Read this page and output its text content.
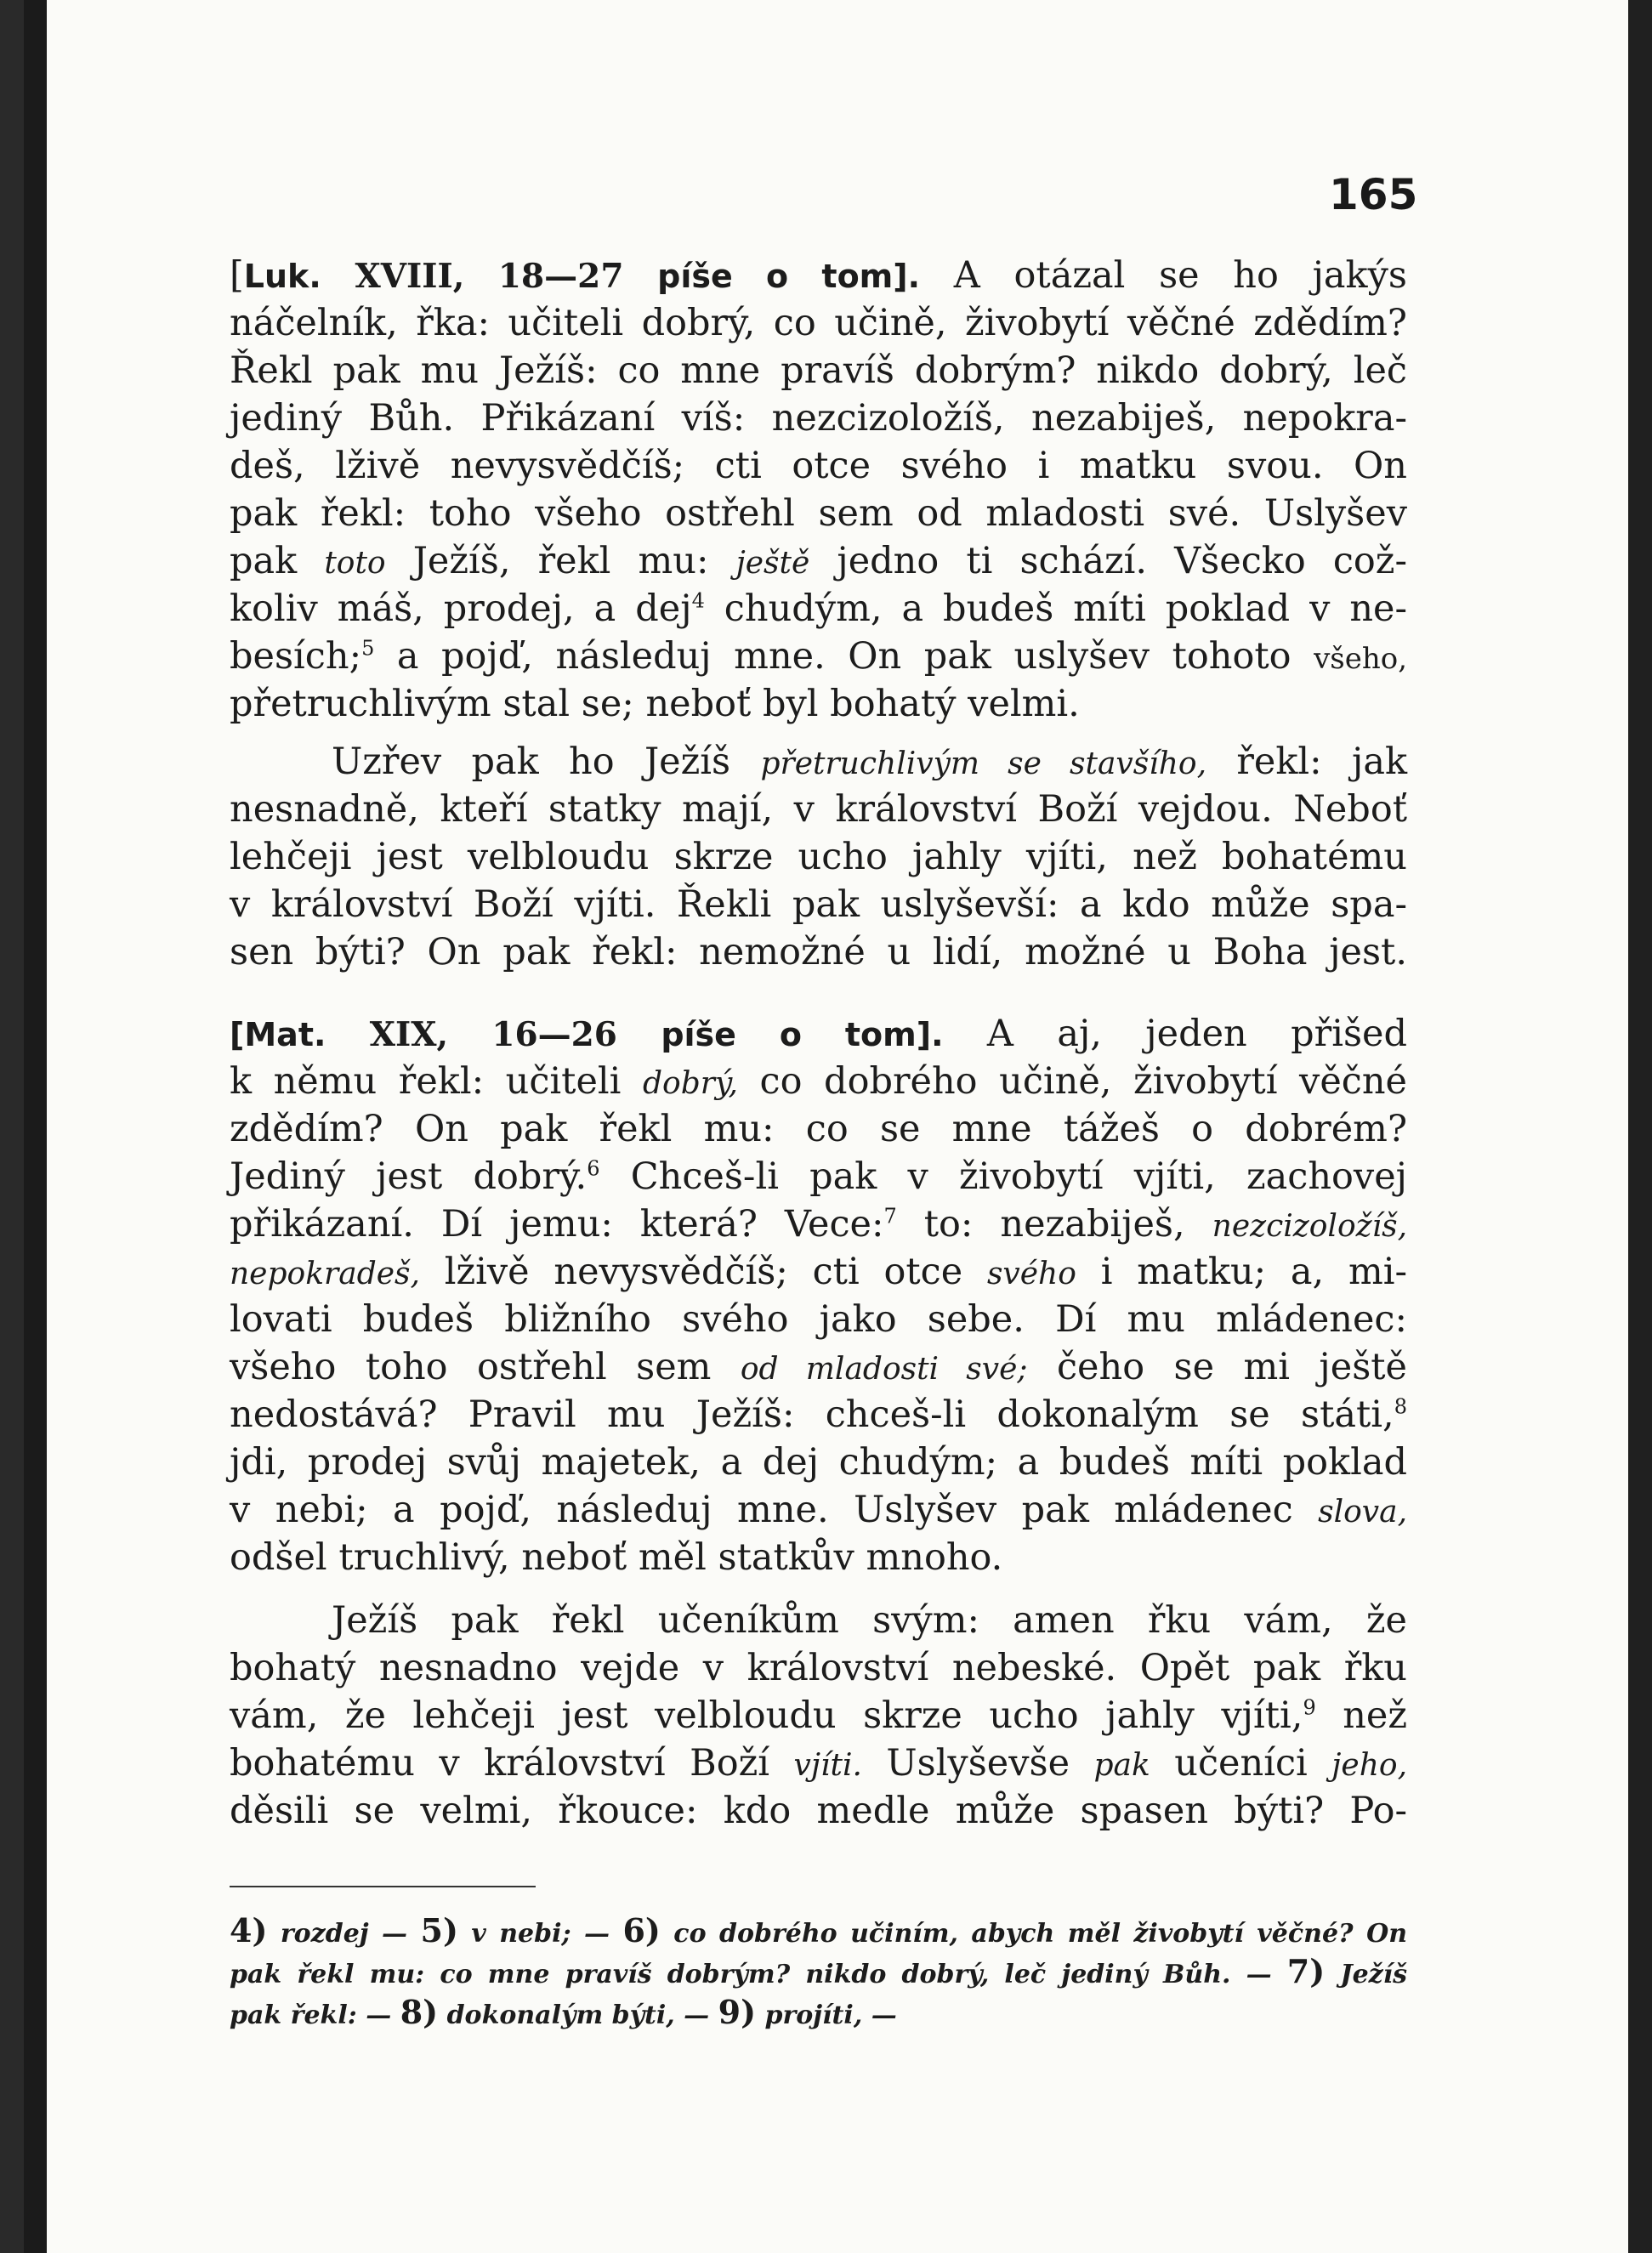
165

[Luk. XVIII, 18—27 píše o tom]. A otázal se ho jakýs

náčelník, řka: učiteli dobrý, co učině, živobytí věčné zdědím?

Řekl pak mu Ježíš: co mne pravíš dobrým? nikdo dobrý, leč

jediný Bůh. Přikázaní víš: nezcizoložíš, nezabiješ, nepokra-

deš, lživě nevysvědčíš; cti otce svého i matku svou. On

pak řekl: toho všeho ostřehl sem od mladosti své. Uslyšev

pak toto Ježíš, řekl mu: ještě jedno ti schází. Všecko což-

koliv máš, prodej, a dej$^4$ chudým, a budeš míti poklad v ne-

besích;$^5$ a pojď, následuj mne. On pak uslyšev tohoto všeho,

přetruchlivým stal se; neboť byl bohatý velmi.

Uzřev pak ho Ježíš přetruchlivým se stavšího, řekl: jak

nesnadně, kteří statky mají, v království Boží vejdou. Neboť

lehčeji jest velbloudu skrze ucho jahly vjíti, než bohatému

v království Boží vjíti. Řekli pak uslyševší: a kdo může spa-

sen býti? On pak řekl: nemožné u lidí, možné u Boha jest.

[Mat. XIX, 16—26 píše o tom]. A aj, jeden přišed

k němu řekl: učiteli dobrý, co dobrého učině, živobytí věčné

zdědím? On pak řekl mu: co se mne tážeš o dobrém?

Jediný jest dobrý.$^6$ Chceš-li pak v živobytí vjíti, zachovej

přikázaní. Dí jemu: která? Vece:$^7$ to: nezabiješ, nezcizoložíš,

nepokradeš, lživě nevysvědčíš; cti otce svého i matku; a, mi-

lovati budeš bližního svého jako sebe. Dí mu mládenec:

všeho toho ostřehl sem od mladosti své; čeho se mi ještě

nedostává? Pravil mu Ježíš: chceš-li dokonalým se státi,$^8$

jdi, prodej svůj majetek, a dej chudým; a budeš míti poklad

v nebi; a pojď, následuj mne. Uslyšev pak mládenec slova,

odšel truchlivý, neboť měl statkův mnoho.

Ježíš pak řekl učeníkům svým: amen řku vám, že

bohatý nesnadno vejde v království nebeské. Opět pak řku

vám, že lehčeji jest velbloudu skrze ucho jahly vjíti,$^9$ než

bohatému v království Boží vjíti. Uslyševše pak učeníci jeho,

děsili se velmi, řkouce: kdo medle může spasen býti? Po-

4) rozdej — 5) v nebi; — 6) co dobrého učiním, abych měl živobytí věčné? On
pak řekl mu: co mne pravíš dobrým? nikdo dobrý, leč jediný Bůh. — 7) Ježíš
pak řekl: — 8) dokonalým býti, — 9) projíti, —
